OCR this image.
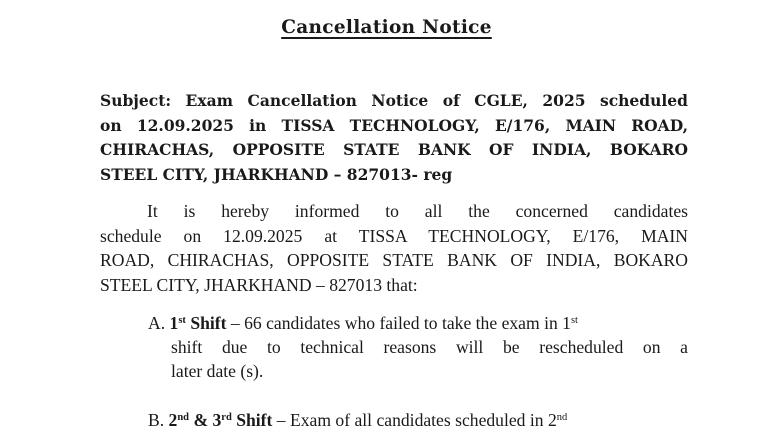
Cancellation Notice
Subject: Exam Cancellation Notice of CGLE, 2025 scheduled
on 12.09.2025 in TISSA TECHNOLOGY, E/176, MAIN ROAD,
CHIRACHAS, OPPOSITE STATE BANK OF INDIA, BOKARO
STEEL CITY, JHARKHAND – 827013- reg
It is hereby informed to all the concerned candidates
schedule on 12.09.2025 at TISSA TECHNOLOGY, E/176, MAIN
ROAD, CHIRACHAS, OPPOSITE STATE BANK OF INDIA, BOKARO
STEEL CITY, JHARKHAND – 827013 that:
A. 1st Shift – 66 candidates who failed to take the exam in 1st
shift due to technical reasons will be rescheduled on a
later date (s).
B. 2nd & 3rd Shift – Exam of all candidates scheduled in 2nd
